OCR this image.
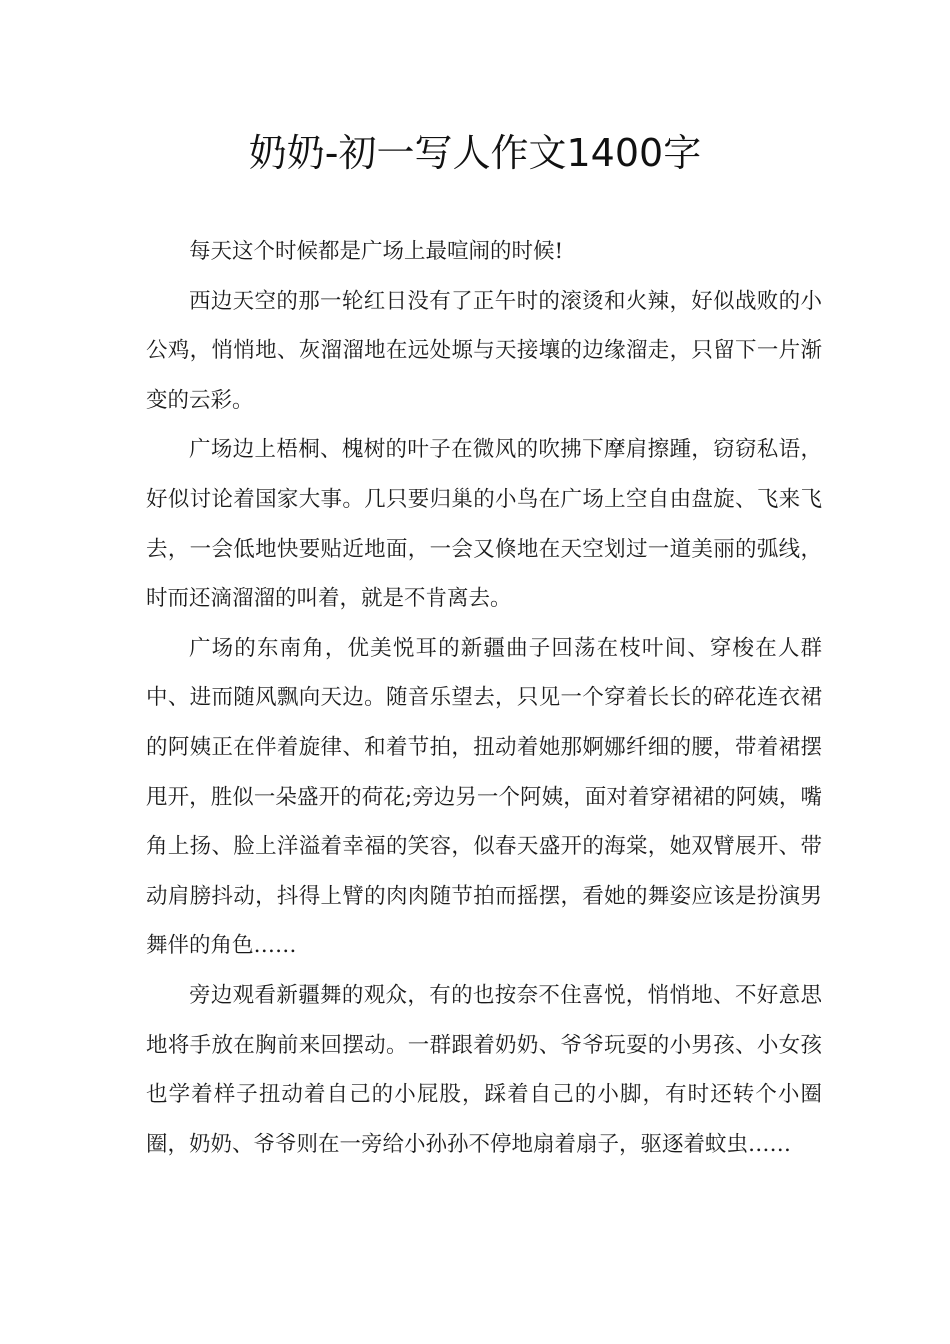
奶奶-初一写人作文1400字

每天这个时候都是广场上最喧闹的时候!

西边天空的那一轮红日没有了正午时的滚烫和火辣，好似战败的小公鸡，悄悄地、灰溜溜地在远处塬与天接壤的边缘溜走，只留下一片渐变的云彩。

广场边上梧桐、槐树的叶子在微风的吹拂下摩肩擦踵，窃窃私语，好似讨论着国家大事。几只要归巢的小鸟在广场上空自由盘旋、飞来飞去，一会低地快要贴近地面，一会又倏地在天空划过一道美丽的弧线，时而还滴溜溜的叫着，就是不肯离去。

广场的东南角，优美悦耳的新疆曲子回荡在枝叶间、穿梭在人群中、进而随风飘向天边。随音乐望去，只见一个穿着长长的碎花连衣裙的阿姨正在伴着旋律、和着节拍，扭动着她那婀娜纤细的腰，带着裙摆甩开，胜似一朵盛开的荷花;旁边另一个阿姨，面对着穿裙裙的阿姨，嘴角上扬、脸上洋溢着幸福的笑容，似春天盛开的海棠，她双臂展开、带动肩膀抖动，抖得上臂的肉肉随节拍而摇摆，看她的舞姿应该是扮演男舞伴的角色……

旁边观看新疆舞的观众，有的也按奈不住喜悦，悄悄地、不好意思地将手放在胸前来回摆动。一群跟着奶奶、爷爷玩耍的小男孩、小女孩也学着样子扭动着自己的小屁股，踩着自己的小脚，有时还转个小圈圈，奶奶、爷爷则在一旁给小孙孙不停地扇着扇子，驱逐着蚊虫……
